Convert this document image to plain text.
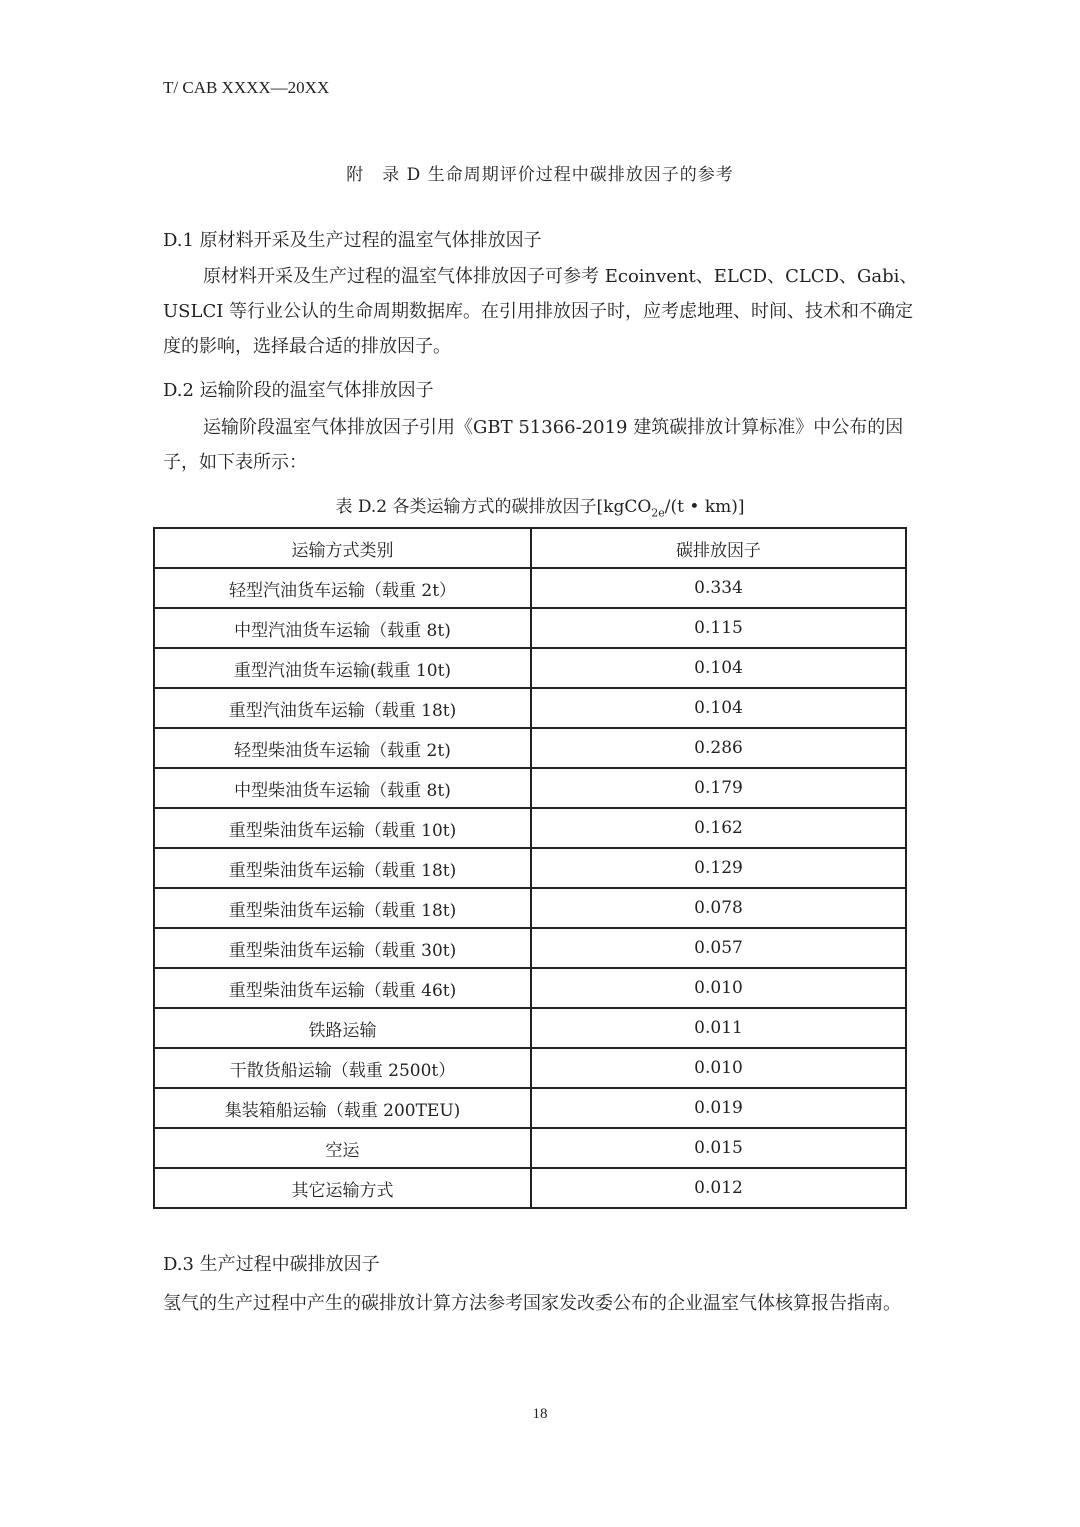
T/ CAB XXXX—20XX
附　录 D 生命周期评价过程中碳排放因子的参考
D.1 原材料开采及生产过程的温室气体排放因子
原材料开采及生产过程的温室气体排放因子可参考 Ecoinvent、ELCD、CLCD、Gabi、USLCI 等行业公认的生命周期数据库。在引用排放因子时，应考虑地理、时间、技术和不确定度的影响，选择最合适的排放因子。
D.2 运输阶段的温室气体排放因子
运输阶段温室气体排放因子引用《GBT 51366-2019 建筑碳排放计算标准》中公布的因子，如下表所示：
表 D.2 各类运输方式的碳排放因子[kgCO$_{2e}$/(t • km)]
运输方式类别	碳排放因子
轻型汽油货车运输（载重 2t）	0.334
中型汽油货车运输（载重 8t)	0.115
重型汽油货车运输(载重 10t)	0.104
重型汽油货车运输（载重 18t)	0.104
轻型柴油货车运输（载重 2t)	0.286
中型柴油货车运输（载重 8t)	0.179
重型柴油货车运输（载重 10t)	0.162
重型柴油货车运输（载重 18t)	0.129
重型柴油货车运输（载重 18t)	0.078
重型柴油货车运输（载重 30t)	0.057
重型柴油货车运输（载重 46t)	0.010
铁路运输	0.011
干散货船运输（载重 2500t）	0.010
集装箱船运输（载重 200TEU)	0.019
空运	0.015
其它运输方式	0.012
D.3 生产过程中碳排放因子
氢气的生产过程中产生的碳排放计算方法参考国家发改委公布的企业温室气体核算报告指南。
18
